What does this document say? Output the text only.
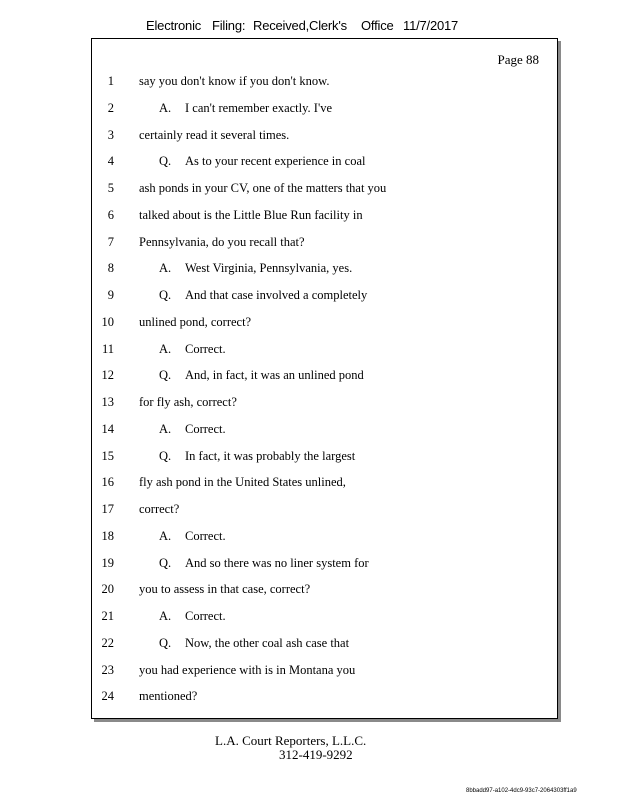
Electronic Filing: Received,Clerk's Office 11/7/2017
Page 88
1 say you don't know if you don't know.
2	A. I can't remember exactly. I've
3 certainly read it several times.
4	Q. As to your recent experience in coal
5 ash ponds in your CV, one of the matters that you
6 talked about is the Little Blue Run facility in
7 Pennsylvania, do you recall that?
8	A. West Virginia, Pennsylvania, yes.
9	Q. And that case involved a completely
10 unlined pond, correct?
11	A. Correct.
12	Q. And, in fact, it was an unlined pond
13 for fly ash, correct?
14	A. Correct.
15	Q. In fact, it was probably the largest
16 fly ash pond in the United States unlined,
17 correct?
18	A. Correct.
19	Q. And so there was no liner system for
20 you to assess in that case, correct?
21	A. Correct.
22	Q. Now, the other coal ash case that
23 you had experience with is in Montana you
24 mentioned?
L.A. Court Reporters, L.L.C.
312-419-9292
8bbadd97-a102-4dc9-93c7-2064303ff1a9
